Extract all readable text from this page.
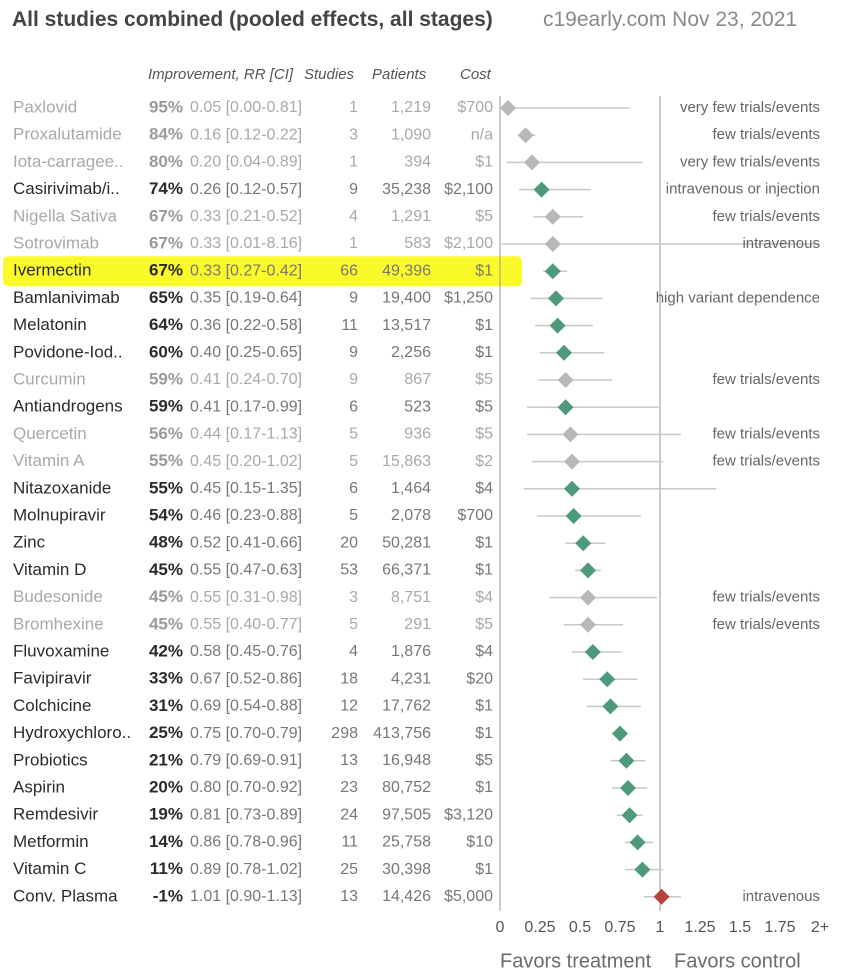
All studies combined (pooled effects, all stages) c19early.com Nov 23, 2021
Improvement, RR [CI] Studies Patients Cost
0 0.25 0.5 0.75 1 1.25 1.5 1.75 2+
Favors treatment Favors control
Paxlovid	95% 0.05 [0.00-0.81]	1 1,219 $700	very few trials/events
Proxalutamide 84% 0.16 [0.12-0.22]	3 1,090 n/a	few trials/events
Iota-carragee.. 80% 0.20 [0.04-0.89]	1	394	$1	very few trials/events
Casirivimab/i.. 74% 0.26 [0.12-0.57]	9 35,238 $2,100	intravenous or injection
Nigella Sativa 67% 0.33 [0.21-0.52]	4 1,291	$5	few trials/events
Sotrovimab	67% 0.33 [0.01-8.16]	1	583 $2,100	intravenous
Ivermectin	67% 0.33 [0.27-0.42] 66 49,396	$1
Bamlanivimab 65% 0.35 [0.19-0.64]	9 19,400 $1,250	high variant dependence
Melatonin	64% 0.36 [0.22-0.58] 11 13,517	$1
Povidone-Iod.. 60% 0.40 [0.25-0.65]	9 2,256	$1
Curcumin	59% 0.41 [0.24-0.70]	9	867	$5	few trials/events
Antiandrogens 59% 0.41 [0.17-0.99]	6	523	$5
Quercetin	56% 0.44 [0.17-1.13]	5	936	$5	few trials/events
Vitamin A	55% 0.45 [0.20-1.02]	5 15,863	$2	few trials/events
Nitazoxanide 55% 0.45 [0.15-1.35]	6 1,464	$4
Molnupiravir	54% 0.46 [0.23-0.88]	5 2,078 $700
Zinc	48% 0.52 [0.41-0.66] 20 50,281	$1
Vitamin D	45% 0.55 [0.47-0.63] 53 66,371	$1
Budesonide	45% 0.55 [0.31-0.98]	3 8,751	$4	few trials/events
Bromhexine	45% 0.55 [0.40-0.77]	5	291	$5	few trials/events
Fluvoxamine 42% 0.58 [0.45-0.76]	4 1,876	$4
Favipiravir	33% 0.67 [0.52-0.86] 18 4,231 $20
Colchicine	31% 0.69 [0.54-0.88] 12 17,762	$1
Hydroxychloro.. 25% 0.75 [0.70-0.79] 298 413,756	$1
Probiotics	21% 0.79 [0.69-0.91] 13 16,948	$5
Aspirin	20% 0.80 [0.70-0.92] 23 80,752	$1
Remdesivir	19% 0.81 [0.73-0.89] 24 97,505 $3,120
Metformin	14% 0.86 [0.78-0.96] 11 25,758 $10
Vitamin C	11% 0.89 [0.78-1.02] 25 30,398	$1
Conv. Plasma -1% 1.01 [0.90-1.13] 13 14,426 $5,000	intravenous
